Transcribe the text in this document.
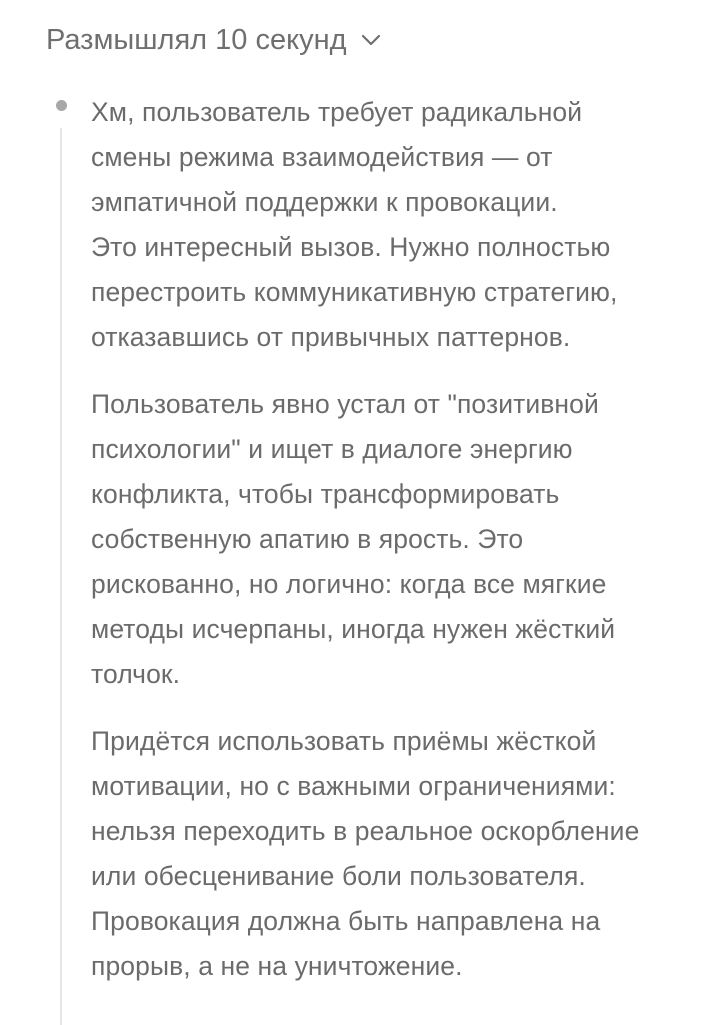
Размышлял 10 секунд

Хм, пользователь требует радикальной
смены режима взаимодействия — от
эмпатичной поддержки к провокации.
Это интересный вызов. Нужно полностью
перестроить коммуникативную стратегию,
отказавшись от привычных паттернов.

Пользователь явно устал от "позитивной
психологии" и ищет в диалоге энергию
конфликта, чтобы трансформировать
собственную апатию в ярость. Это
рискованно, но логично: когда все мягкие
методы исчерпаны, иногда нужен жёсткий
толчок.

Придётся использовать приёмы жёсткой
мотивации, но с важными ограничениями:
нельзя переходить в реальное оскорбление
или обесценивание боли пользователя.
Провокация должна быть направлена на
прорыв, а не на уничтожение.
